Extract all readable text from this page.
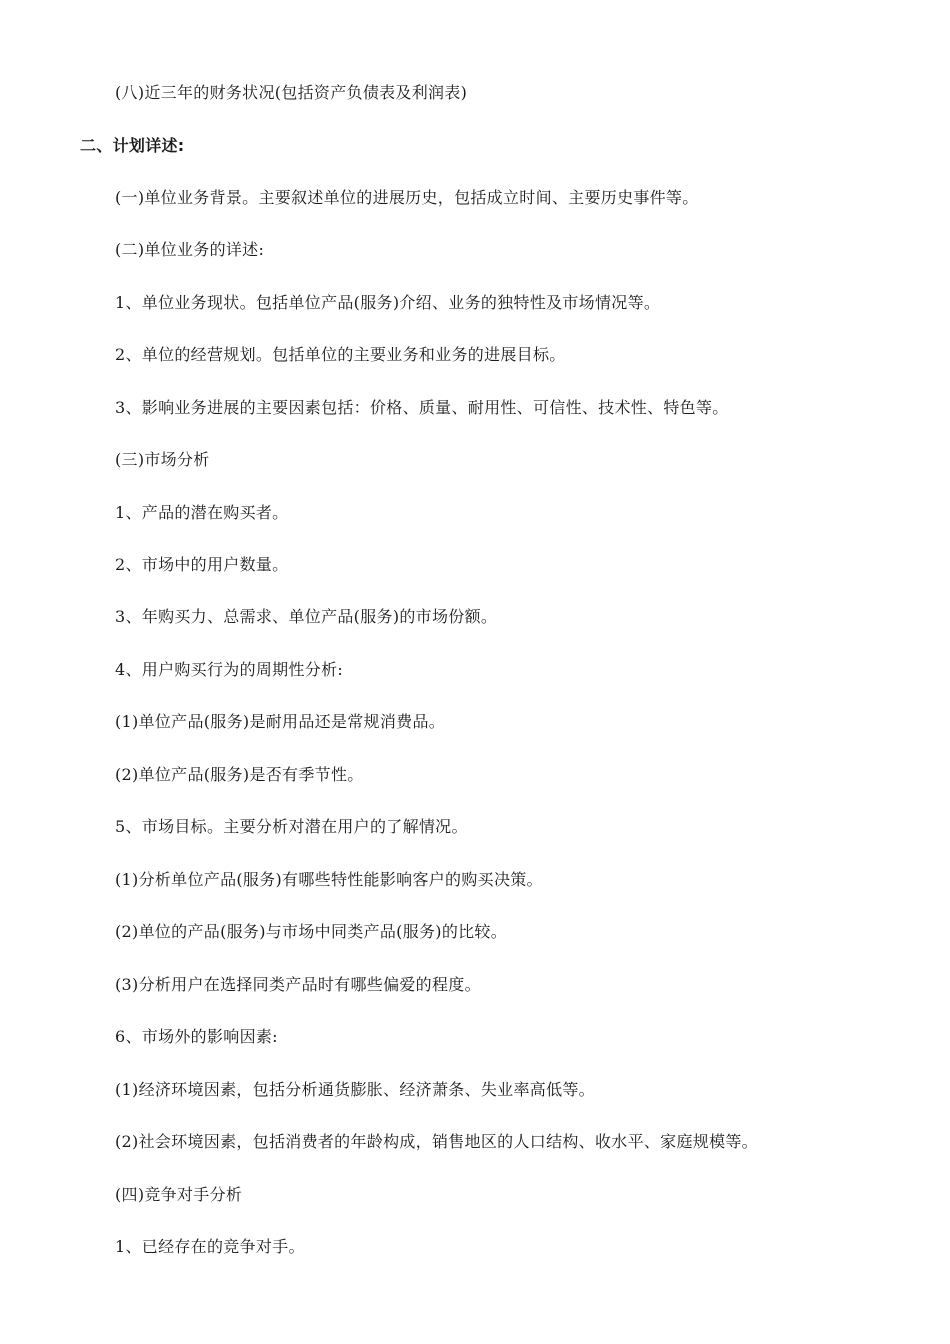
(八)近三年的财务状况(包括资产负债表及利润表)
二、计划详述:
(一)单位业务背景。主要叙述单位的进展历史，包括成立时间、主要历史事件等。
(二)单位业务的详述:
1、单位业务现状。包括单位产品(服务)介绍、业务的独特性及市场情况等。
2、单位的经营规划。包括单位的主要业务和业务的进展目标。
3、影响业务进展的主要因素包括：价格、质量、耐用性、可信性、技术性、特色等。
(三)市场分析
1、产品的潜在购买者。
2、市场中的用户数量。
3、年购买力、总需求、单位产品(服务)的市场份额。
4、用户购买行为的周期性分析:
(1)单位产品(服务)是耐用品还是常规消费品。
(2)单位产品(服务)是否有季节性。
5、市场目标。主要分析对潜在用户的了解情况。
(1)分析单位产品(服务)有哪些特性能影响客户的购买决策。
(2)单位的产品(服务)与市场中同类产品(服务)的比较。
(3)分析用户在选择同类产品时有哪些偏爱的程度。
6、市场外的影响因素:
(1)经济环境因素，包括分析通货膨胀、经济萧条、失业率高低等。
(2)社会环境因素，包括消费者的年龄构成，销售地区的人口结构、收水平、家庭规模等。
(四)竞争对手分析
1、已经存在的竞争对手。
